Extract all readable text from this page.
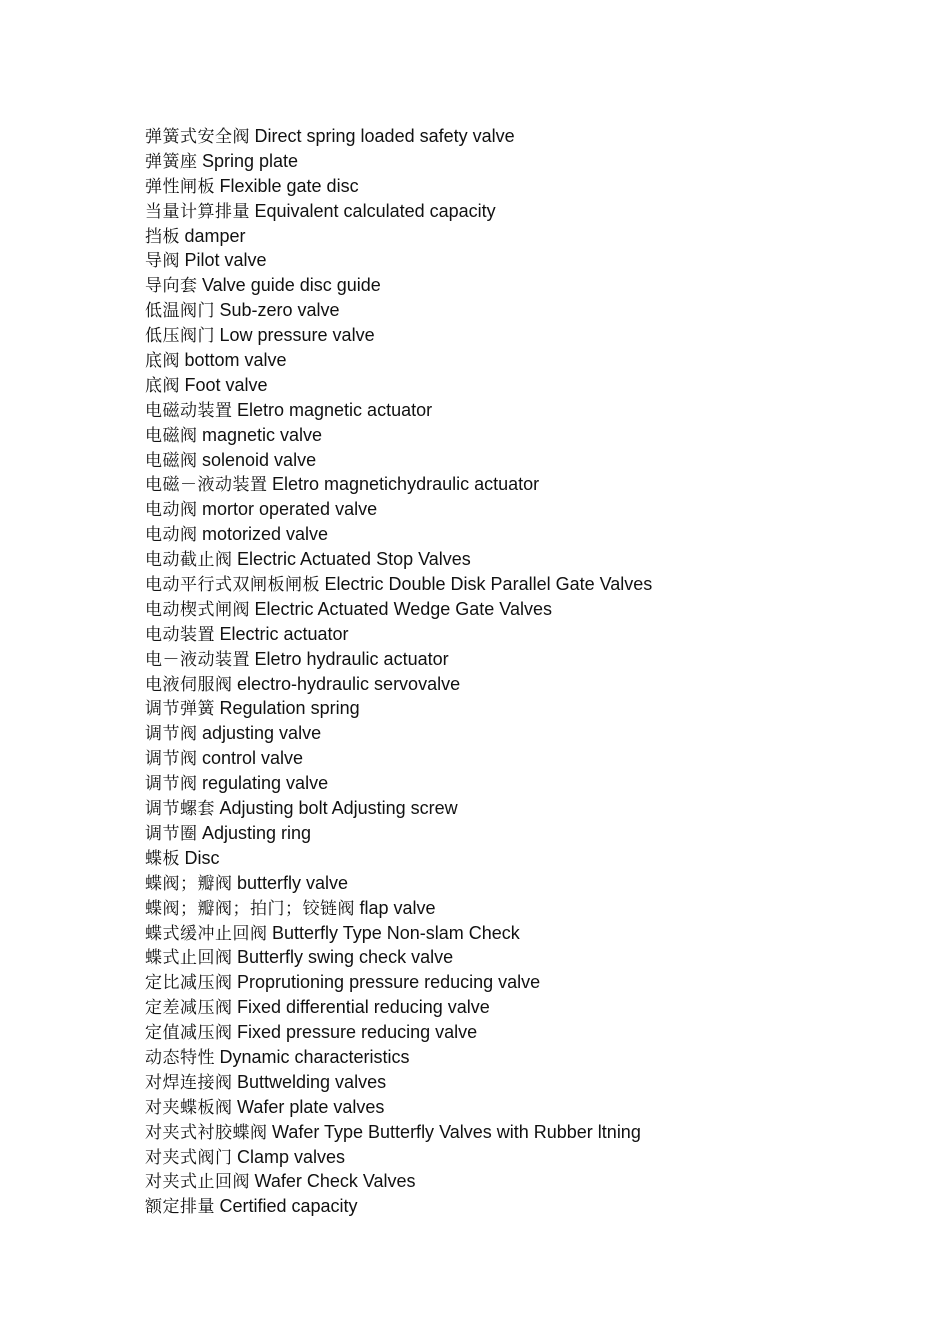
弹簧式安全阀 Direct spring loaded safety valve
弹簧座 Spring plate
弹性闸板 Flexible gate disc
当量计算排量 Equivalent calculated capacity
挡板 damper
导阀 Pilot valve
导向套 Valve guide disc guide
低温阀门 Sub-zero valve
低压阀门 Low pressure valve
底阀 bottom valve
底阀 Foot valve
电磁动装置 Eletro magnetic actuator
电磁阀 magnetic valve
电磁阀 solenoid valve
电磁－液动装置 Eletro magnetichydraulic actuator
电动阀 mortor operated valve
电动阀 motorized valve
电动截止阀 Electric Actuated Stop Valves
电动平行式双闸板闸板 Electric Double Disk Parallel Gate Valves
电动楔式闸阀 Electric Actuated Wedge Gate Valves
电动装置 Electric actuator
电－液动装置 Eletro hydraulic actuator
电液伺服阀 electro-hydraulic servovalve
调节弹簧 Regulation spring
调节阀 adjusting valve
调节阀 control valve
调节阀 regulating valve
调节螺套 Adjusting bolt Adjusting screw
调节圈 Adjusting ring
蝶板 Disc
蝶阀；瓣阀 butterfly valve
蝶阀；瓣阀；拍门；铰链阀 flap valve
蝶式缓冲止回阀 Butterfly Type Non-slam Check
蝶式止回阀 Butterfly swing check valve
定比减压阀 Proprutioning pressure reducing valve
定差减压阀 Fixed differential reducing valve
定值减压阀 Fixed pressure reducing valve
动态特性 Dynamic characteristics
对焊连接阀 Buttwelding valves
对夹蝶板阀 Wafer plate valves
对夹式衬胶蝶阀 Wafer Type Butterfly Valves with Rubber ltning
对夹式阀门 Clamp valves
对夹式止回阀 Wafer Check Valves
额定排量 Certified capacity
